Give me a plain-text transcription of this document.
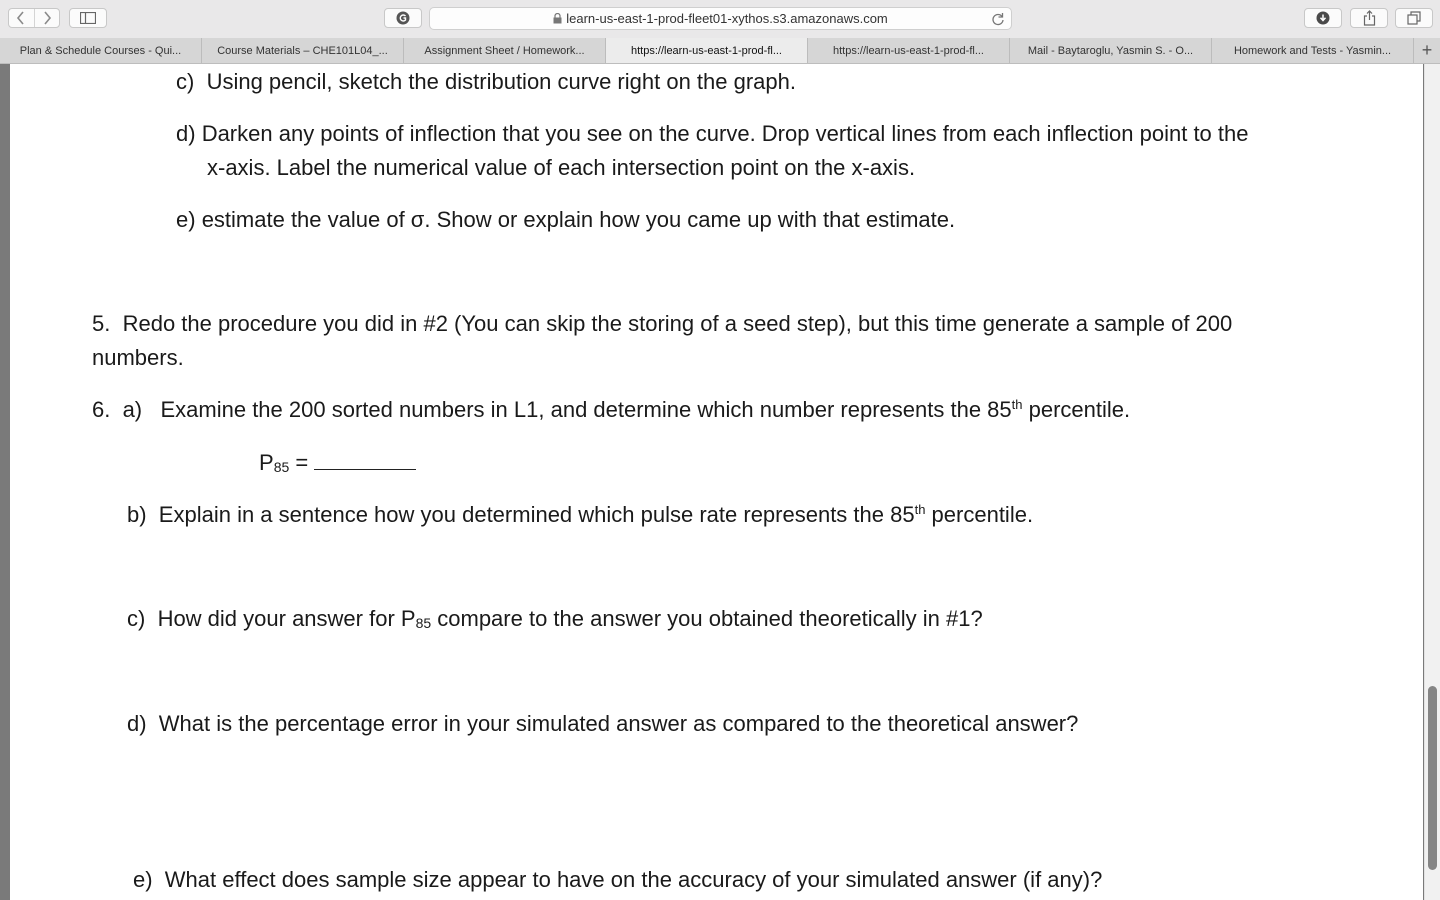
learn-us-east-1-prod-fleet01-xythos.s3.amazonaws.com
Plan & Schedule Courses - Qui...	Course Materials – CHE101L04_...	Assignment Sheet / Homework...	https://learn-us-east-1-prod-fl...	https://learn-us-east-1-prod-fl...	Mail - Baytaroglu, Yasmin S. - O...	Homework and Tests - Yasmin...	+
c) Using pencil, sketch the distribution curve right on the graph.
d) Darken any points of inflection that you see on the curve. Drop vertical lines from each inflection point to the
x-axis. Label the numerical value of each intersection point on the x-axis.
e) estimate the value of σ. Show or explain how you came up with that estimate.
5. Redo the procedure you did in #2 (You can skip the storing of a seed step), but this time generate a sample of 200
numbers.
6.  a) Examine the 200 sorted numbers in L1, and determine which number represents the 85th percentile.
$P_{85}$ =
b) Explain in a sentence how you determined which pulse rate represents the 85th percentile.
c) How did your answer for $P_{85}$ compare to the answer you obtained theoretically in #1?
d) What is the percentage error in your simulated answer as compared to the theoretical answer?
e) What effect does sample size appear to have on the accuracy of your simulated answer (if any)?
